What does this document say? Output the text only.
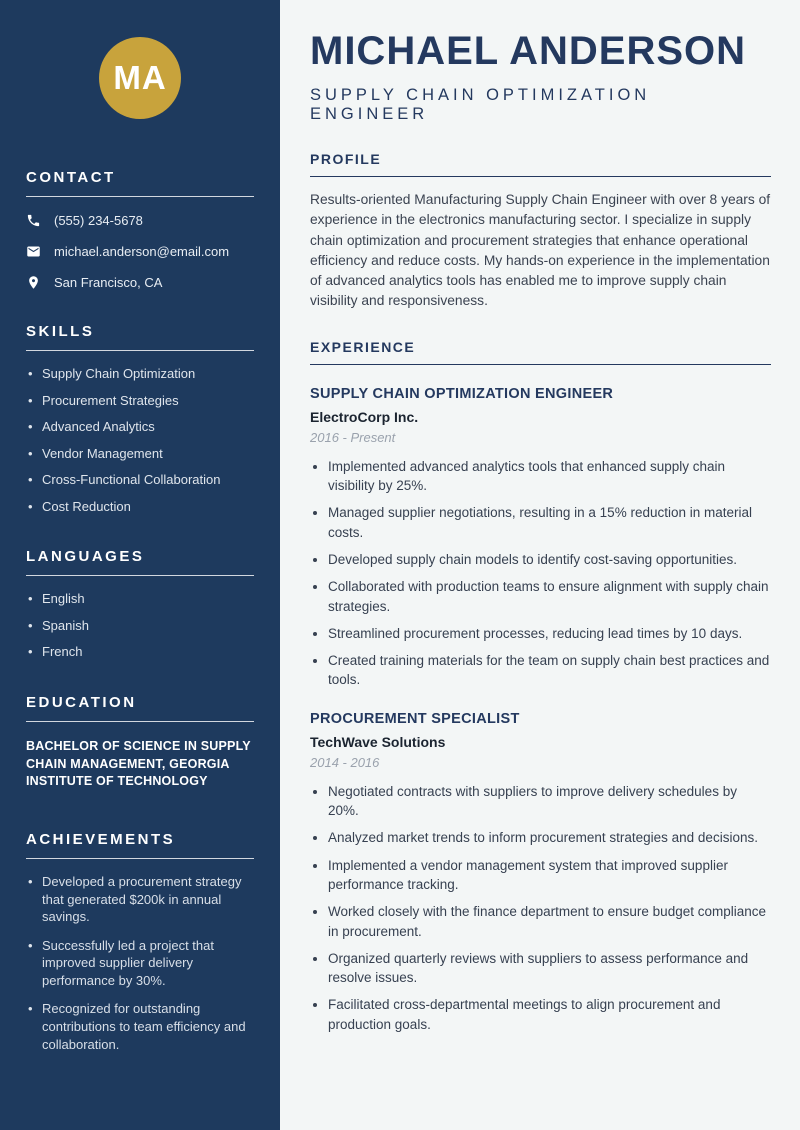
MA
CONTACT
(555) 234-5678
michael.anderson@email.com
San Francisco, CA
SKILLS
• Supply Chain Optimization
• Procurement Strategies
• Advanced Analytics
• Vendor Management
• Cross-Functional Collaboration
• Cost Reduction
LANGUAGES
• English
• Spanish
• French
EDUCATION
BACHELOR OF SCIENCE IN SUPPLY CHAIN MANAGEMENT, GEORGIA INSTITUTE OF TECHNOLOGY
ACHIEVEMENTS
• Developed a procurement strategy that generated $200k in annual savings.
• Successfully led a project that improved supplier delivery performance by 30%.
• Recognized for outstanding contributions to team efficiency and collaboration.
MICHAEL ANDERSON
SUPPLY CHAIN OPTIMIZATION ENGINEER
PROFILE

Results-oriented Manufacturing Supply Chain Engineer with over 8 years of experience in the electronics manufacturing sector. I specialize in supply chain optimization and procurement strategies that enhance operational efficiency and reduce costs. My hands-on experience in the implementation of advanced analytics tools has enabled me to improve supply chain visibility and responsiveness.

EXPERIENCE
SUPPLY CHAIN OPTIMIZATION ENGINEER
ElectroCorp Inc.
2016 - Present
• Implemented advanced analytics tools that enhanced supply chain visibility by 25%.
• Managed supplier negotiations, resulting in a 15% reduction in material costs.
• Developed supply chain models to identify cost-saving opportunities.
• Collaborated with production teams to ensure alignment with supply chain strategies.
• Streamlined procurement processes, reducing lead times by 10 days.
• Created training materials for the team on supply chain best practices and tools.
PROCUREMENT SPECIALIST
TechWave Solutions
2014 - 2016
• Negotiated contracts with suppliers to improve delivery schedules by 20%.
• Analyzed market trends to inform procurement strategies and decisions.
• Implemented a vendor management system that improved supplier performance tracking.
• Worked closely with the finance department to ensure budget compliance in procurement.
• Organized quarterly reviews with suppliers to assess performance and resolve issues.
• Facilitated cross-departmental meetings to align procurement and production goals.
